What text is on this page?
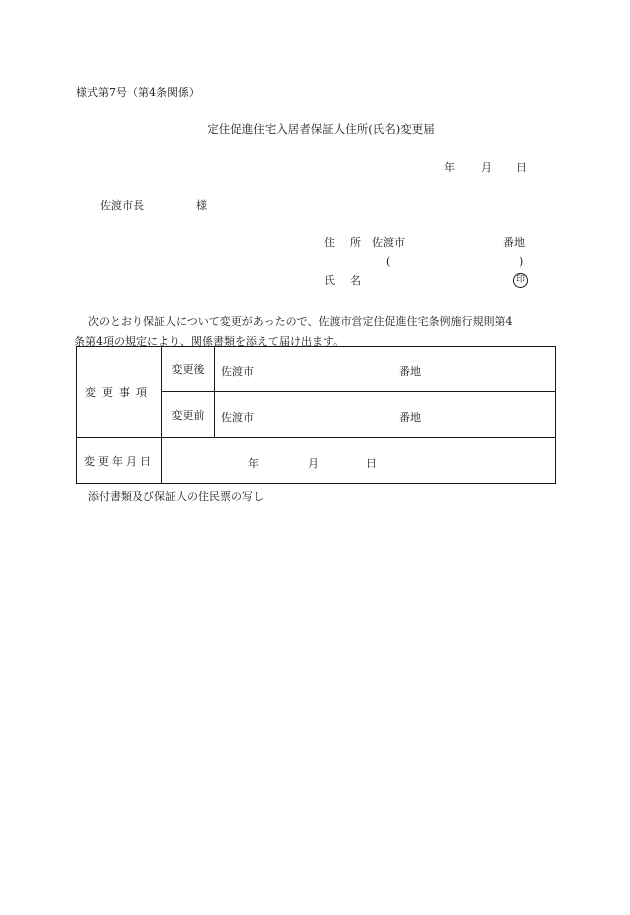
様式第7号（第4条関係）
定住促進住宅入居者保証人住所(氏名)変更届
年 月 日
佐渡市長	様
住　所 佐渡市	番地
(	)
氏　名	印
次のとおり保証人について変更があったので、佐渡市営定住促進住宅条例施行規則第4
条第4項の規定により、関係書類を添えて届け出ます。
変更事項	変更後	佐渡市 番地

	変更前	佐渡市 番地

変更年月日	年 月 日	
添付書類及び保証人の住民票の写し
